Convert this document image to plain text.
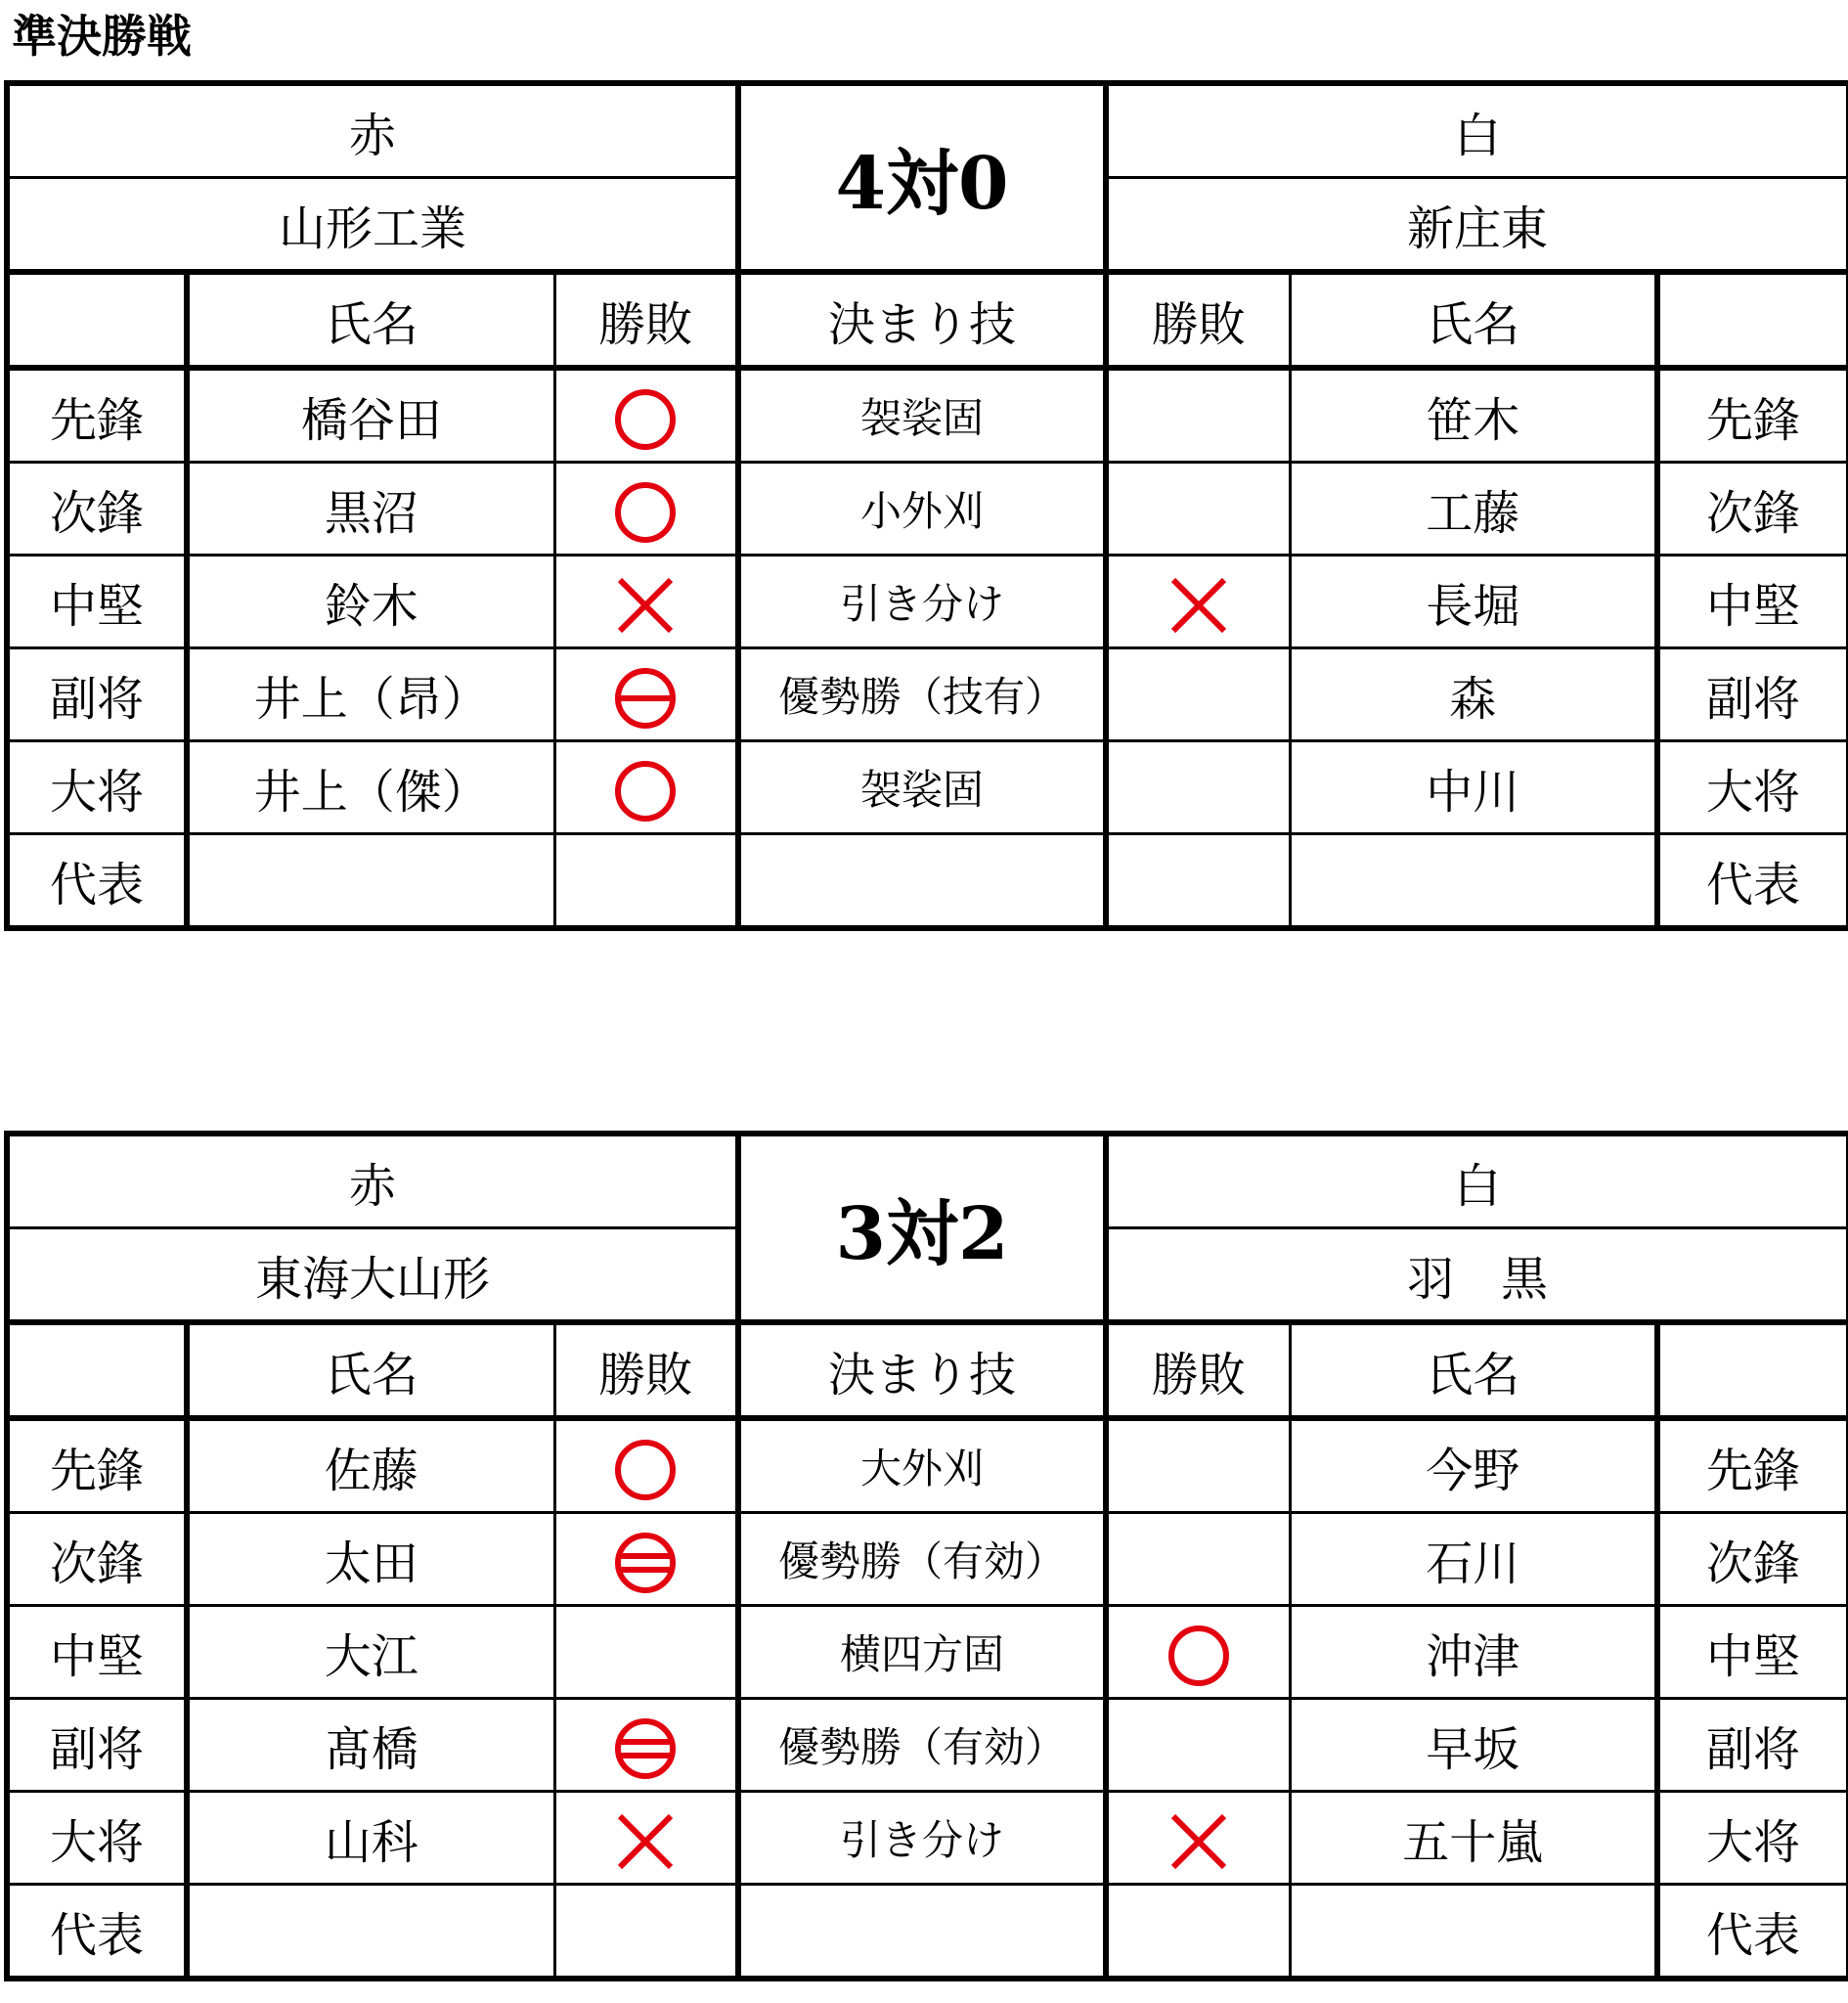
準決勝戦
赤			4対0	白		
山形工業				新庄東		
	氏名	勝敗	決まり技	勝敗	氏名	
先鋒	橋谷田		袈裟固		笹木	先鋒
次鋒	黒沼		小外刈		工藤	次鋒
中堅	鈴木		引き分け		長堀	中堅
副将	井上（昂）		優勢勝（技有）		森	副将
大将	井上（傑）		袈裟固		中川	大将
代表						代表
赤			3対2	白		
東海大山形				羽　黒		
	氏名	勝敗	決まり技	勝敗	氏名	
先鋒	佐藤		大外刈		今野	先鋒
次鋒	太田		優勢勝（有効）		石川	次鋒
中堅	大江		横四方固		沖津	中堅
副将	髙橋		優勢勝（有効）		早坂	副将
大将	山科		引き分け		五十嵐	大将
代表						代表
